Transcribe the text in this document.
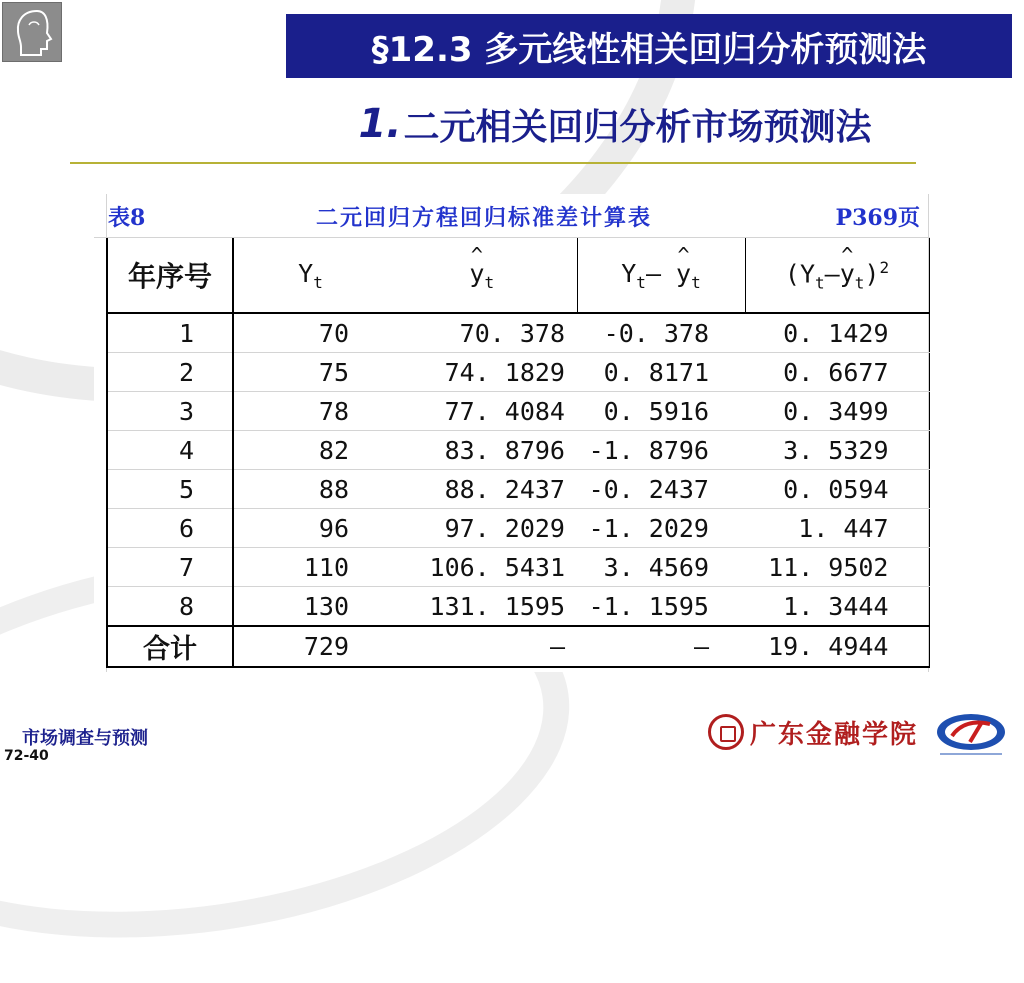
§12.3 多元线性相关回归分析预测法
1. 二元相关回归分析市场预测法
表8	二元回归方程回归标准差计算表	P369页
年序号	$Y_t$	^ $y_t$	$Y_t—$ ^ $y_t$	($Y_t—\^{}$ $y_t)^2$
1	70	70. 378	-0. 378	0. 1429
2	75	74. 1829	0. 8171	0. 6677
3	78	77. 4084	0. 5916	0. 3499
4	82	83. 8796	-1. 8796	3. 5329
5	88	88. 2437	-0. 2437	0. 0594
6	96	97. 2029	-1. 2029	1. 447
7	110	106. 5431	3. 4569	11. 9502
8	130	131. 1595	-1. 1595	1. 3444
合计	729	—	—	19. 4944
市场调查与预测
72-40
广东金融学院
